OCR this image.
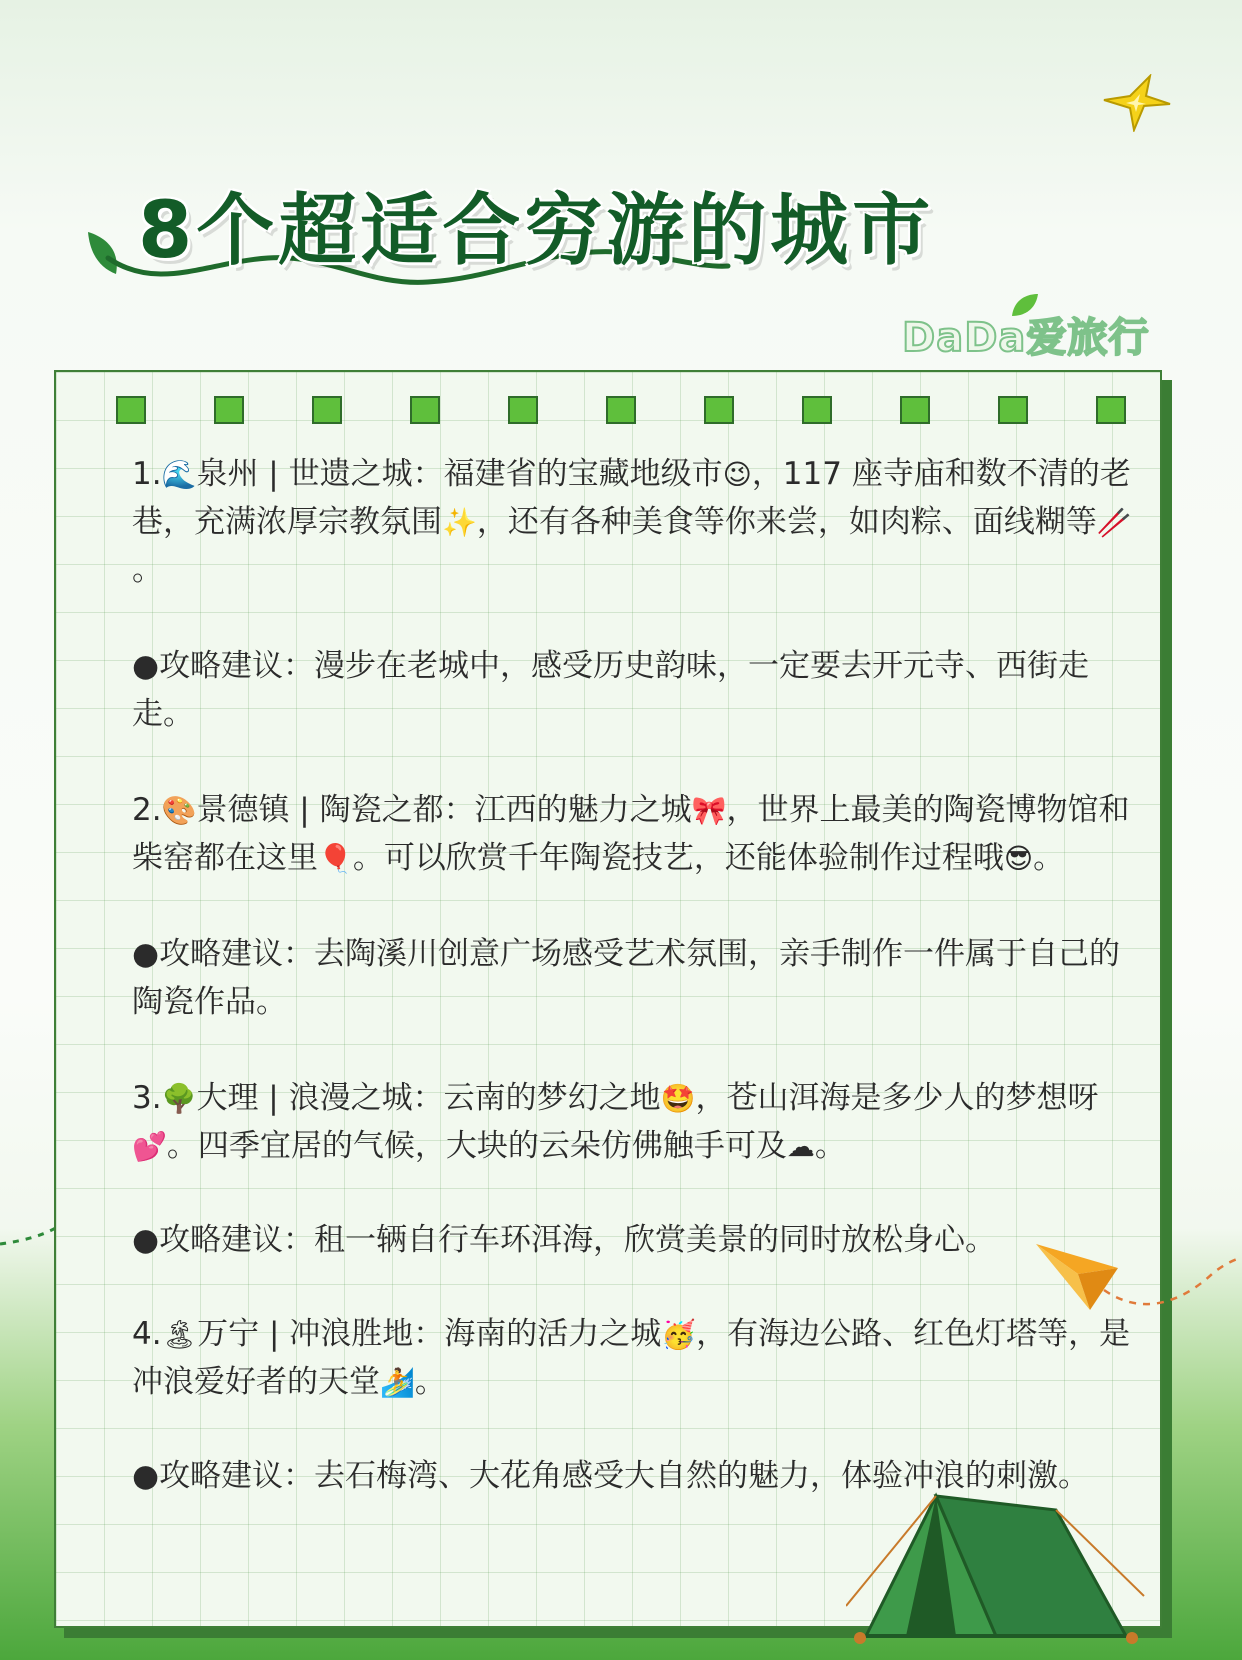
8个超适合穷游的城市
DaDa爱旅行

1.🌊泉州 | 世遗之城：福建省的宝藏地级市😉，117 座寺庙和数不清的老巷，充满浓厚宗教氛围✨，还有各种美食等你来尝，如肉粽、面线糊等🥢。

●攻略建议：漫步在老城中，感受历史韵味，一定要去开元寺、西街走走。

2.🎨景德镇 | 陶瓷之都：江西的魅力之城🎀，世界上最美的陶瓷博物馆和柴窑都在这里🎈。可以欣赏千年陶瓷技艺，还能体验制作过程哦😎。

●攻略建议：去陶溪川创意广场感受艺术氛围，亲手制作一件属于自己的陶瓷作品。

3.🌳大理 | 浪漫之城：云南的梦幻之地🤩，苍山洱海是多少人的梦想呀💕。四季宜居的气候，大块的云朵仿佛触手可及☁。

●攻略建议：租一辆自行车环洱海，欣赏美景的同时放松身心。

4.🏝万宁 | 冲浪胜地：海南的活力之城🥳，有海边公路、红色灯塔等，是冲浪爱好者的天堂🏄。

●攻略建议：去石梅湾、大花角感受大自然的魅力，体验冲浪的刺激。
